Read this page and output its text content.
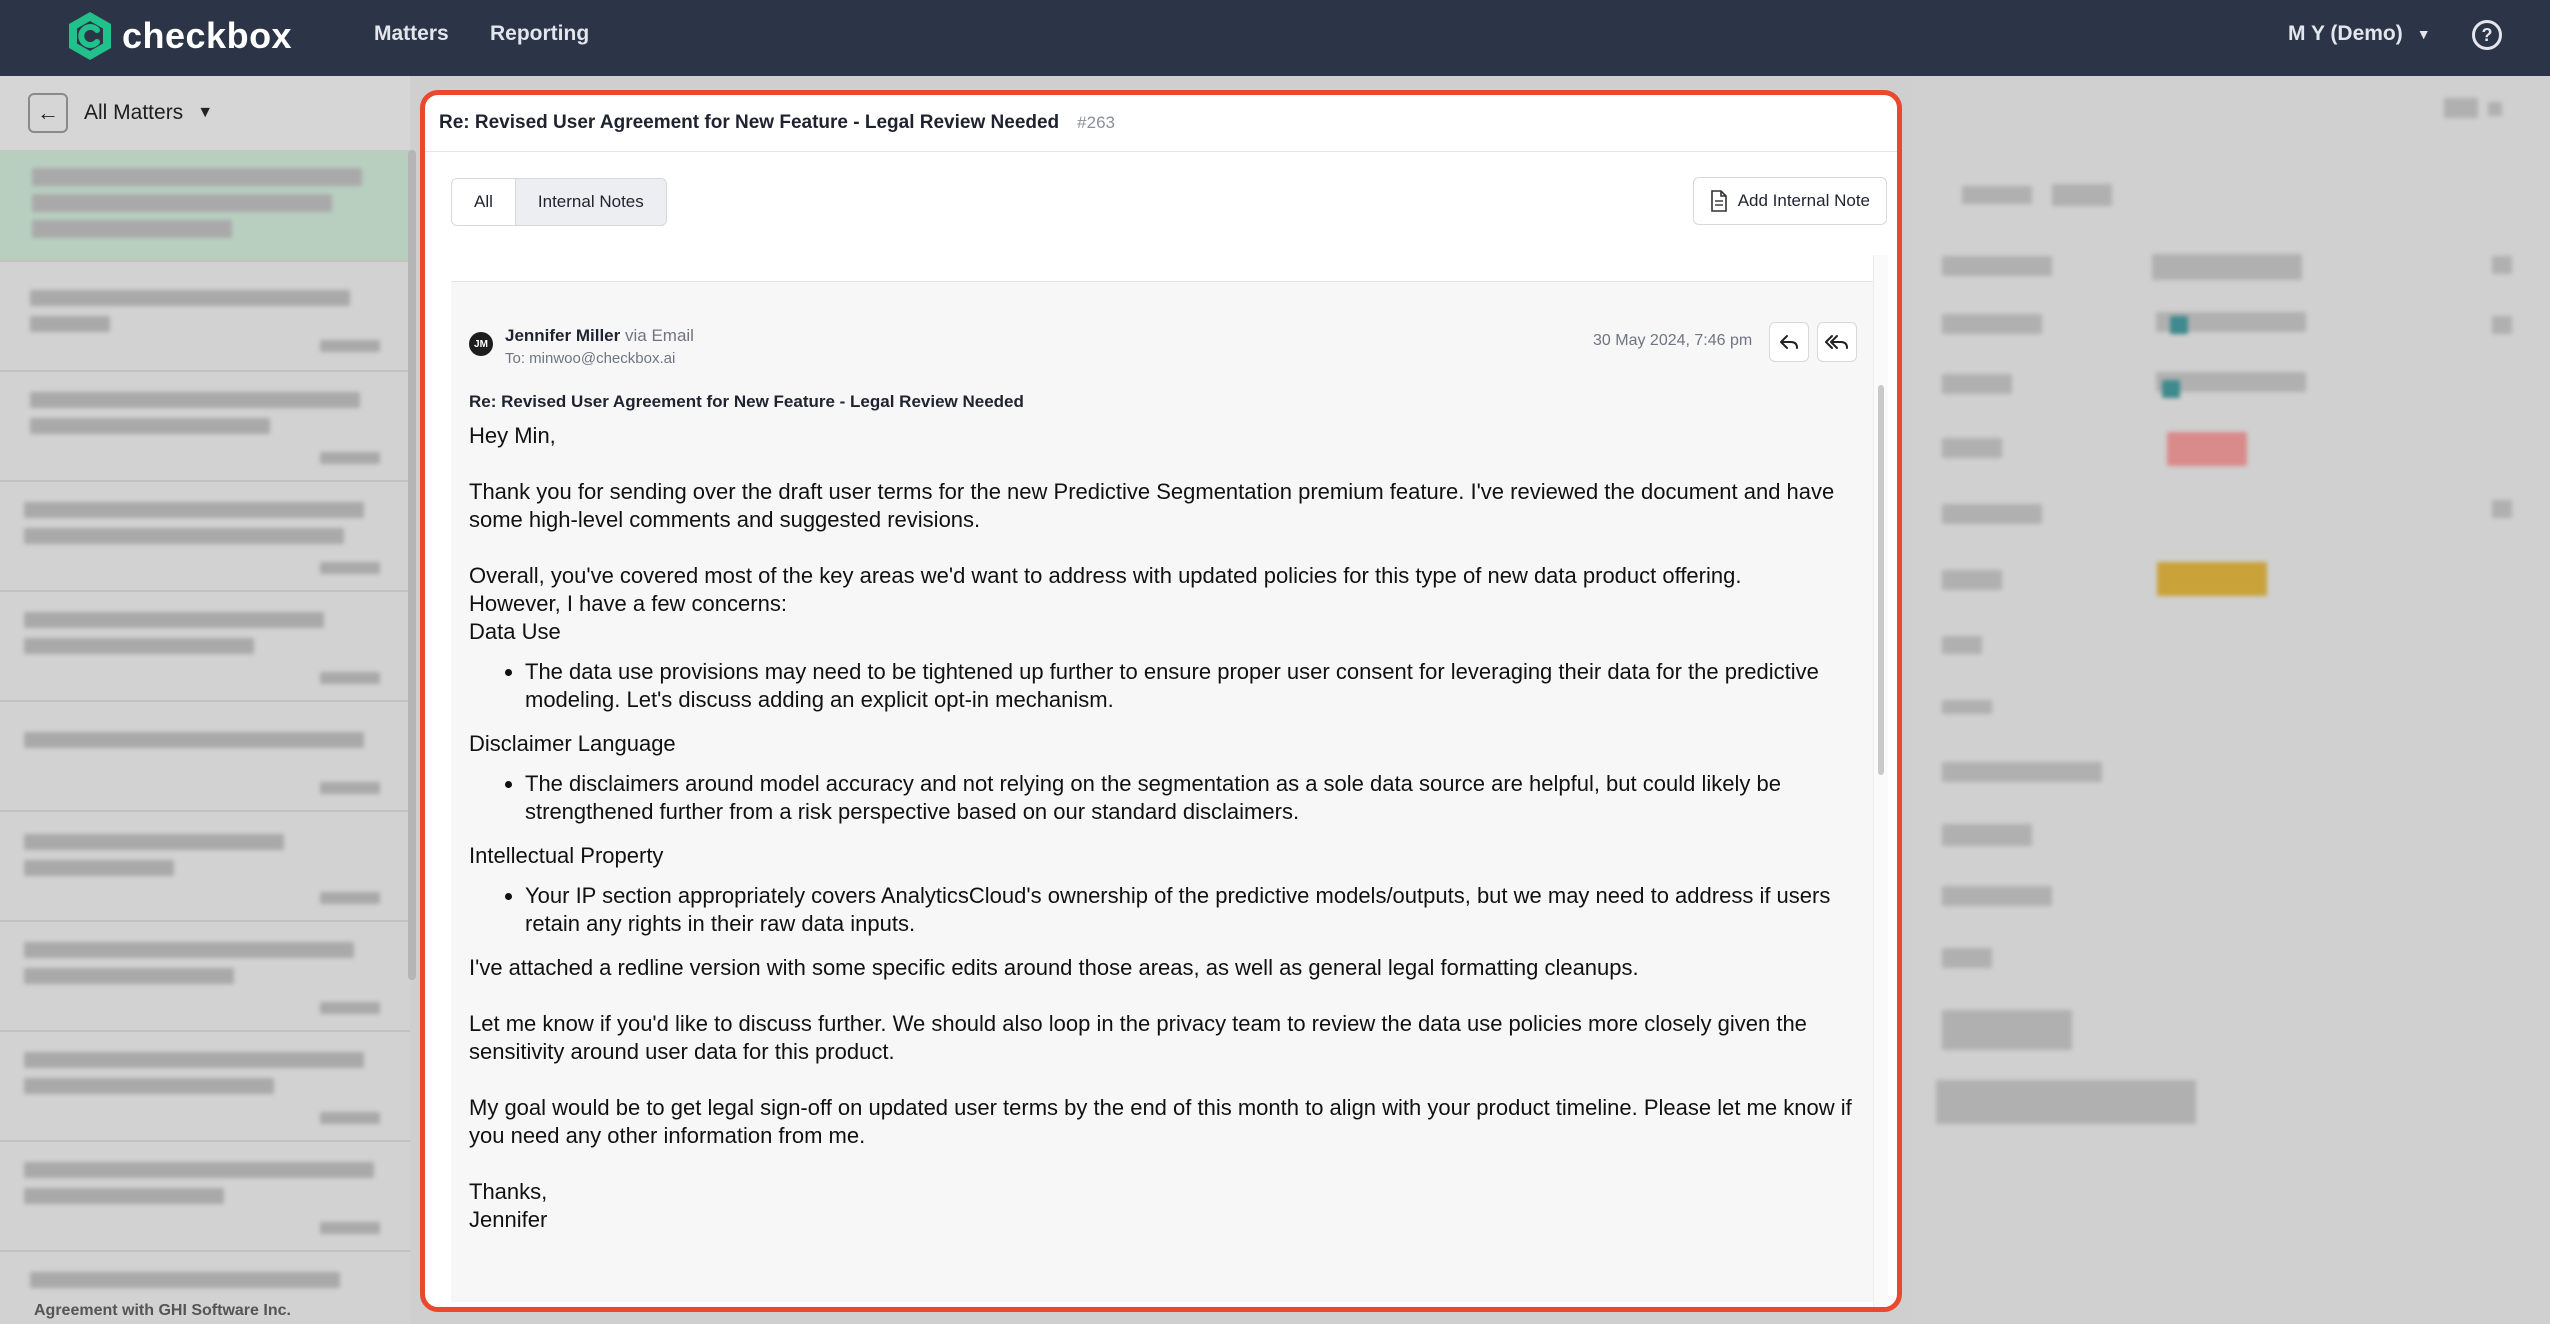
checkbox	Matters Reporting	M Y (Demo) ▼	?
←	All Matters ▼
Agreement with GHI Software Inc.
Re: Revised User Agreement for New Feature - Legal Review Needed #263
All	Internal Notes	Add Internal Note
JM Jennifer Miller via Email
To: minwoo@checkbox.ai
30 May 2024, 7:46 pm
Re: Revised User Agreement for New Feature - Legal Review Needed

Hey Min,

Thank you for sending over the draft user terms for the new Predictive Segmentation premium feature. I've reviewed the document and have some high-level comments and suggested revisions.

Overall, you've covered most of the key areas we'd want to address with updated policies for this type of new data product offering.

However, I have a few concerns:

Data Use
• The data use provisions may need to be tightened up further to ensure proper user consent for leveraging their data for the predictive modeling. Let's discuss adding an explicit opt-in mechanism.
Disclaimer Language
• The disclaimers around model accuracy and not relying on the segmentation as a sole data source are helpful, but could likely be strengthened further from a risk perspective based on our standard disclaimers.
Intellectual Property
• Your IP section appropriately covers AnalyticsCloud's ownership of the predictive models/outputs, but we may need to address if users retain any rights in their raw data inputs.

I've attached a redline version with some specific edits around those areas, as well as general legal formatting cleanups.

Let me know if you'd like to discuss further. We should also loop in the privacy team to review the data use policies more closely given the sensitivity around user data for this product.

My goal would be to get legal sign-off on updated user terms by the end of this month to align with your product timeline. Please let me know if you need any other information from me.

Thanks,

Jennifer
